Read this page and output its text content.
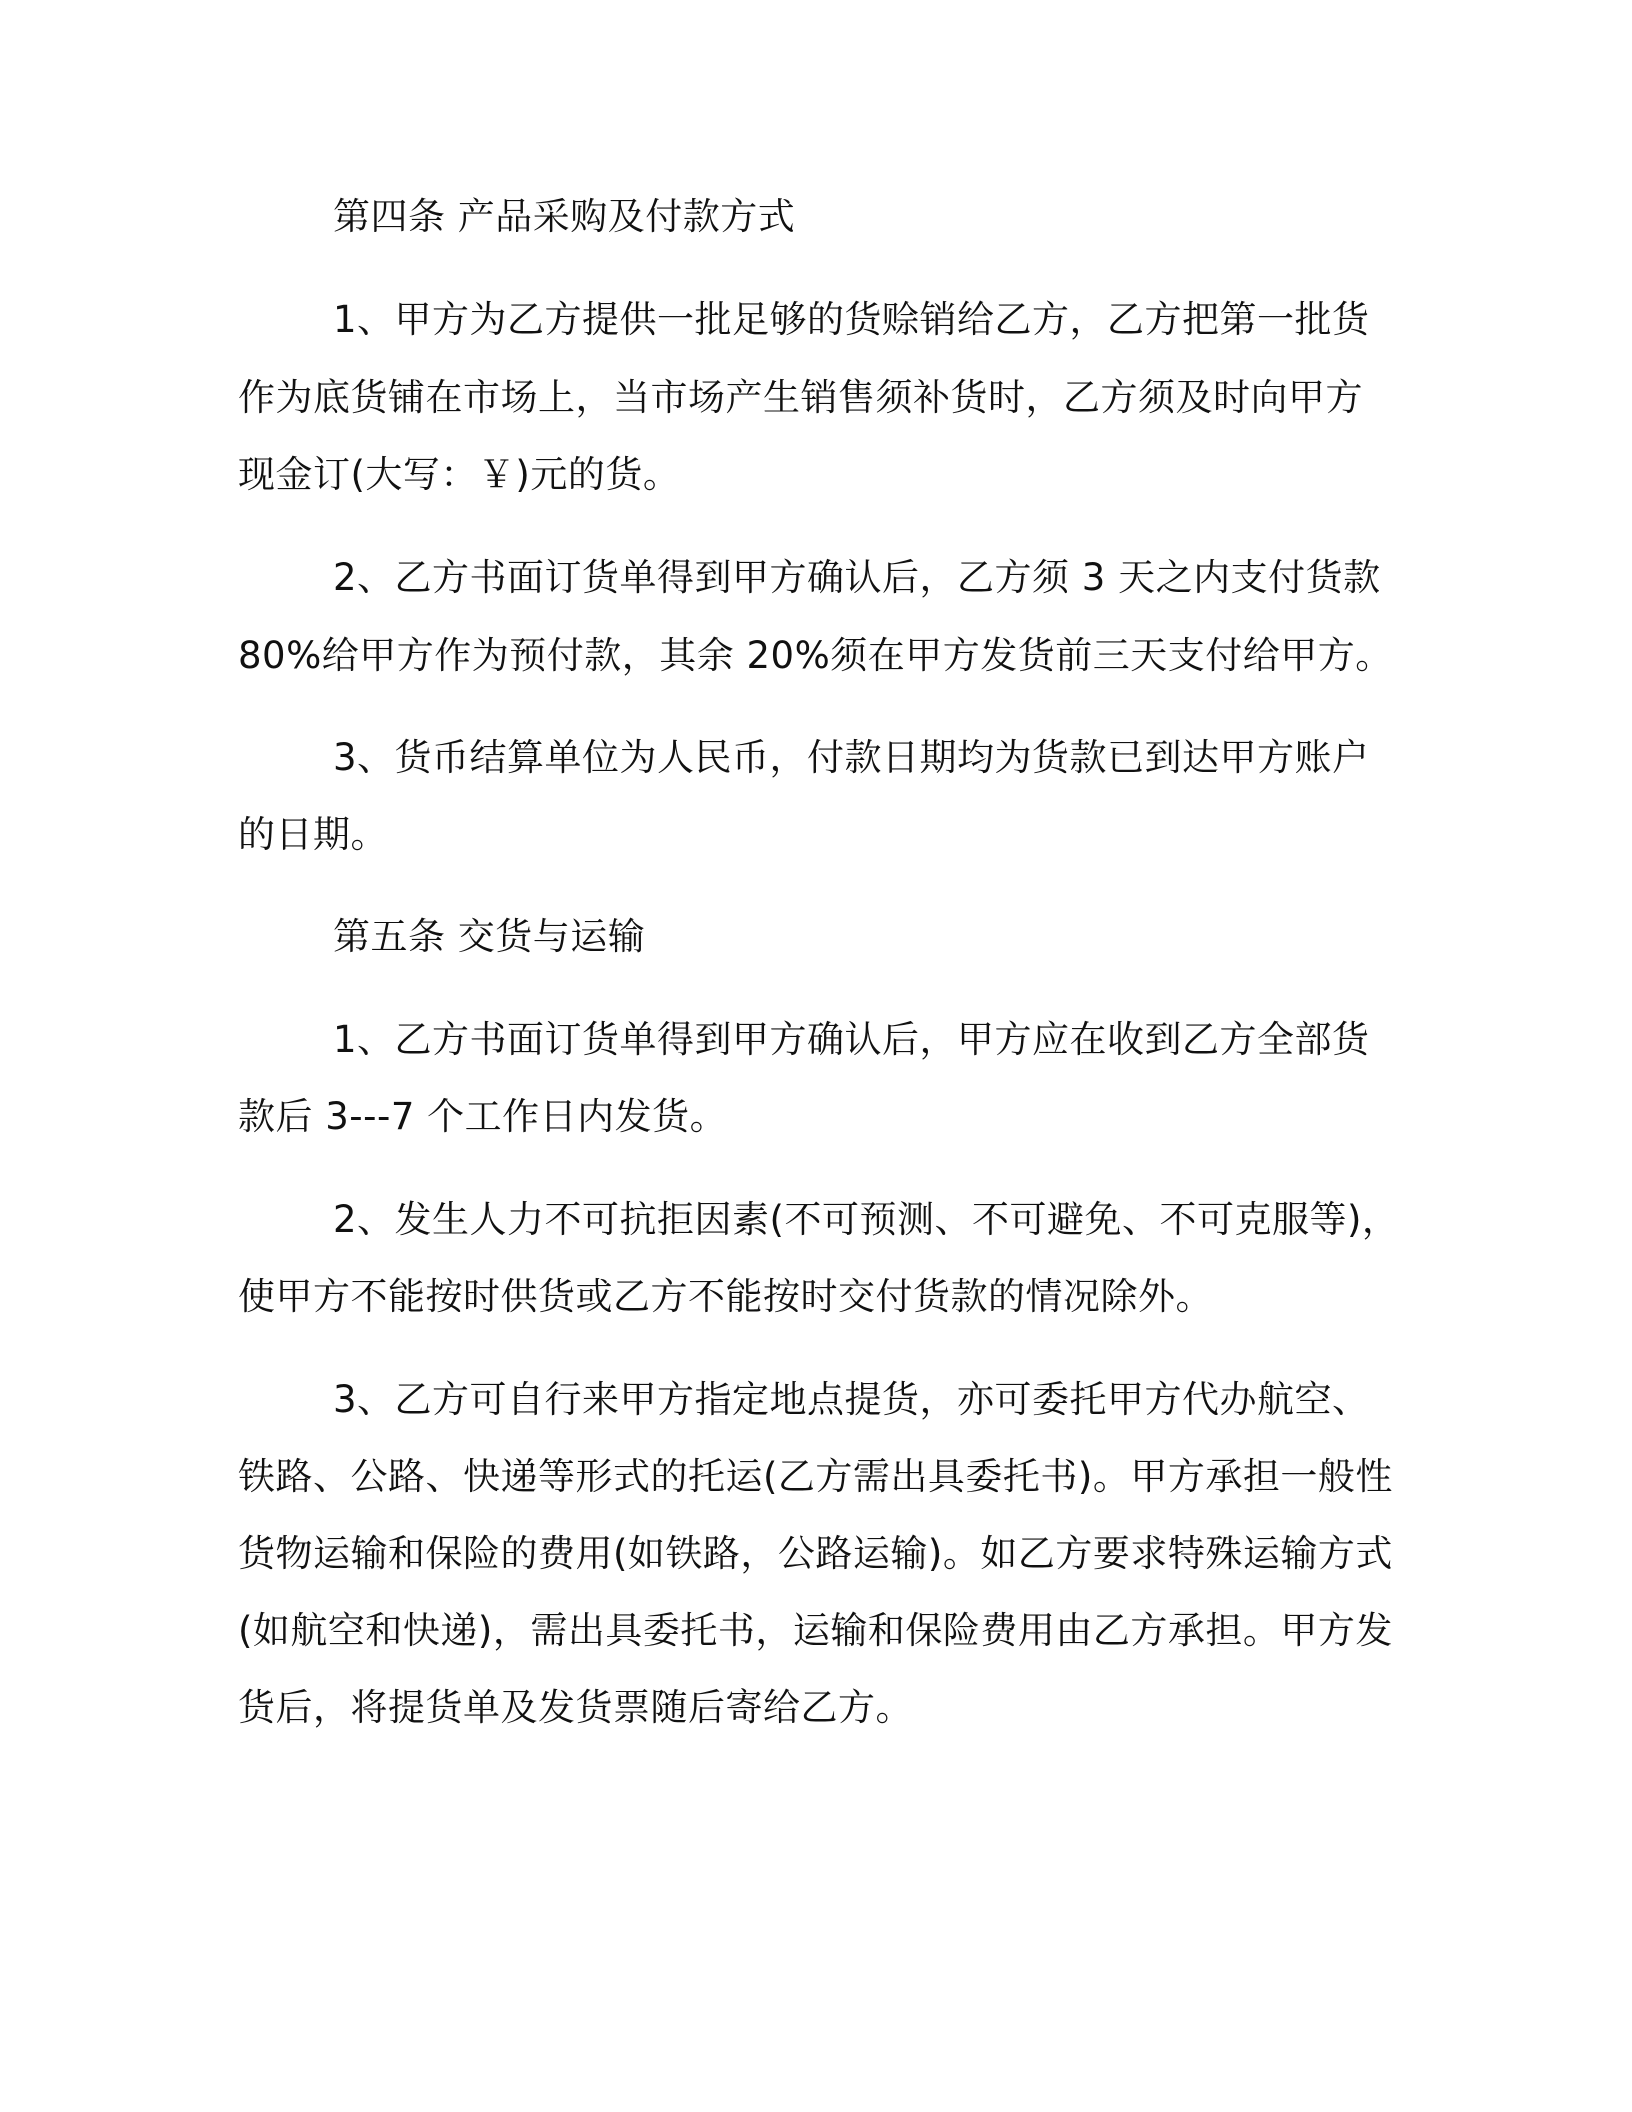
第四条 产品采购及付款方式
1、甲方为乙方提供一批足够的货赊销给乙方，乙方把第一批货
作为底货铺在市场上，当市场产生销售须补货时，乙方须及时向甲方
现金订(大写：￥)元的货。
2、乙方书面订货单得到甲方确认后，乙方须 3 天之内支付货款
80%给甲方作为预付款，其余 20%须在甲方发货前三天支付给甲方。
3、货币结算单位为人民币，付款日期均为货款已到达甲方账户
的日期。
第五条 交货与运输
1、乙方书面订货单得到甲方确认后，甲方应在收到乙方全部货
款后 3---7 个工作日内发货。
2、发生人力不可抗拒因素(不可预测、不可避免、不可克服等)，
使甲方不能按时供货或乙方不能按时交付货款的情况除外。
3、乙方可自行来甲方指定地点提货，亦可委托甲方代办航空、
铁路、公路、快递等形式的托运(乙方需出具委托书)。甲方承担一般性
货物运输和保险的费用(如铁路，公路运输)。如乙方要求特殊运输方式
(如航空和快递)，需出具委托书，运输和保险费用由乙方承担。甲方发
货后，将提货单及发货票随后寄给乙方。
